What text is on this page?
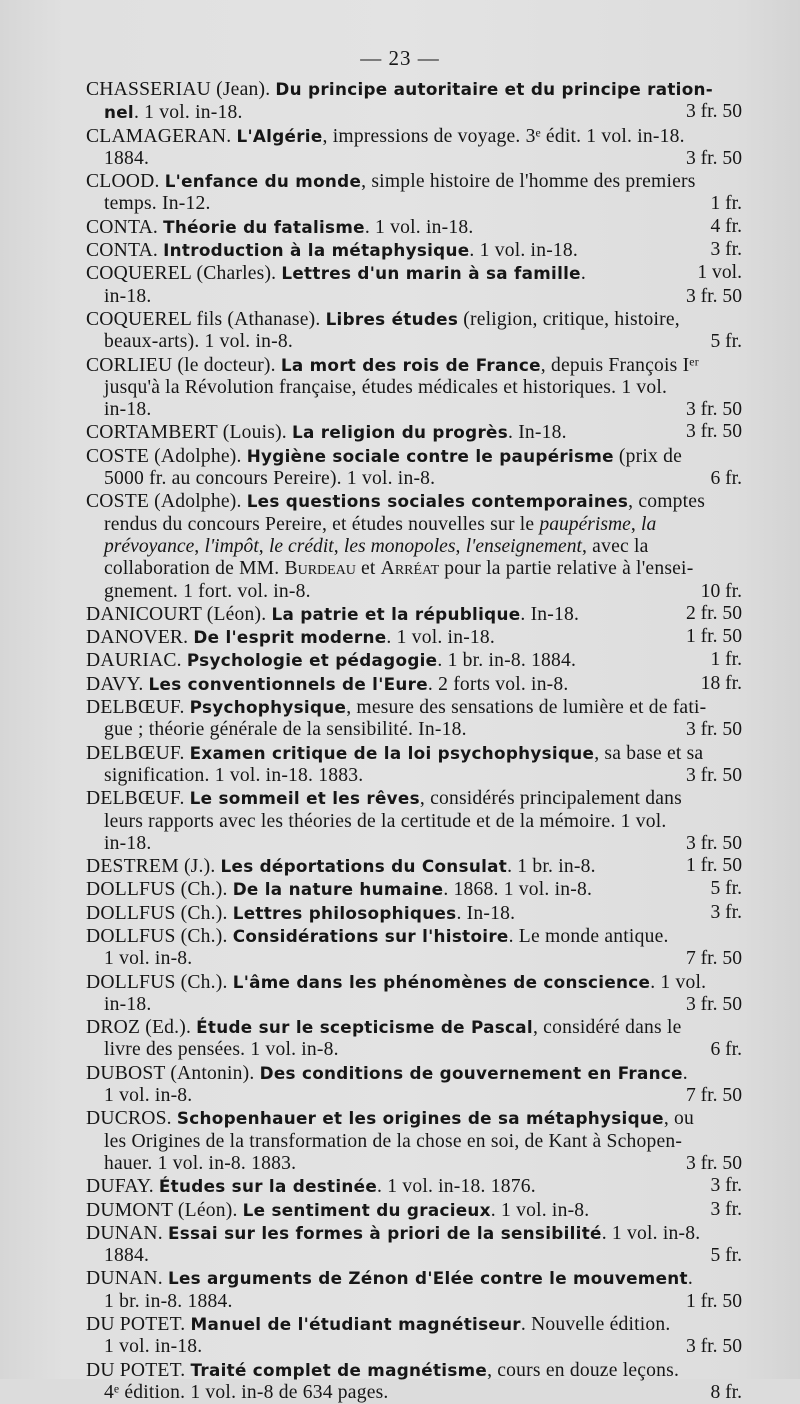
— 23 —
CHASSERIAU (Jean). Du principe autoritaire et du principe ration-
nel. 1 vol. in-18.	3 fr. 50
CLAMAGERAN. L'Algérie, impressions de voyage. 3ᵉ édit. 1 vol. in-18.
1884.	3 fr. 50
CLOOD. L'enfance du monde, simple histoire de l'homme des premiers
temps. In-12.	1 fr.
CONTA. Théorie du fatalisme. 1 vol. in-18.	4 fr.
CONTA. Introduction à la métaphysique. 1 vol. in-18.	3 fr.
COQUEREL (Charles). Lettres d'un marin à sa famille.	1 vol.
in-18.	3 fr. 50
COQUEREL fils (Athanase). Libres études (religion, critique, histoire,
beaux-arts). 1 vol. in-8.	5 fr.
CORLIEU (le docteur). La mort des rois de France, depuis François Iᵉʳ
jusqu'à la Révolution française, études médicales et historiques. 1 vol.
in-18.	3 fr. 50
CORTAMBERT (Louis). La religion du progrès. In-18.	3 fr. 50
COSTE (Adolphe). Hygiène sociale contre le paupérisme (prix de
5000 fr. au concours Pereire). 1 vol. in-8.	6 fr.
COSTE (Adolphe). Les questions sociales contemporaines, comptes
rendus du concours Pereire, et études nouvelles sur le paupérisme, la
prévoyance, l'impôt, le crédit, les monopoles, l'enseignement, avec la
collaboration de MM. Burdeau et Arréat pour la partie relative à l'ensei-
gnement. 1 fort. vol. in-8.	10 fr.
DANICOURT (Léon). La patrie et la république. In-18.	2 fr. 50
DANOVER. De l'esprit moderne. 1 vol. in-18.	1 fr. 50
DAURIAC. Psychologie et pédagogie. 1 br. in-8. 1884.	1 fr.
DAVY. Les conventionnels de l'Eure. 2 forts vol. in-8.	18 fr.
DELBŒUF. Psychophysique, mesure des sensations de lumière et de fati-
gue ; théorie générale de la sensibilité. In-18.	3 fr. 50
DELBŒUF. Examen critique de la loi psychophysique, sa base et sa
signification. 1 vol. in-18. 1883.	3 fr. 50
DELBŒUF. Le sommeil et les rêves, considérés principalement dans
leurs rapports avec les théories de la certitude et de la mémoire. 1 vol.
in-18.	3 fr. 50
DESTREM (J.). Les déportations du Consulat. 1 br. in-8.	1 fr. 50
DOLLFUS (Ch.). De la nature humaine. 1868. 1 vol. in-8.	5 fr.
DOLLFUS (Ch.). Lettres philosophiques. In-18.	3 fr.
DOLLFUS (Ch.). Considérations sur l'histoire. Le monde antique.
1 vol. in-8.	7 fr. 50
DOLLFUS (Ch.). L'âme dans les phénomènes de conscience. 1 vol.
in-18.	3 fr. 50
DROZ (Ed.). Étude sur le scepticisme de Pascal, considéré dans le
livre des pensées. 1 vol. in-8.	6 fr.
DUBOST (Antonin). Des conditions de gouvernement en France.
1 vol. in-8.	7 fr. 50
DUCROS. Schopenhauer et les origines de sa métaphysique, ou
les Origines de la transformation de la chose en soi, de Kant à Schopen-
hauer. 1 vol. in-8. 1883.	3 fr. 50
DUFAY. Études sur la destinée. 1 vol. in-18. 1876.	3 fr.
DUMONT (Léon). Le sentiment du gracieux. 1 vol. in-8.	3 fr.
DUNAN. Essai sur les formes à priori de la sensibilité. 1 vol. in-8.
1884.	5 fr.
DUNAN. Les arguments de Zénon d'Elée contre le mouvement.
1 br. in-8. 1884.	1 fr. 50
DU POTET. Manuel de l'étudiant magnétiseur. Nouvelle édition.
1 vol. in-18.	3 fr. 50
DU POTET. Traité complet de magnétisme, cours en douze leçons.
4ᵉ édition. 1 vol. in-8 de 634 pages.	8 fr.
